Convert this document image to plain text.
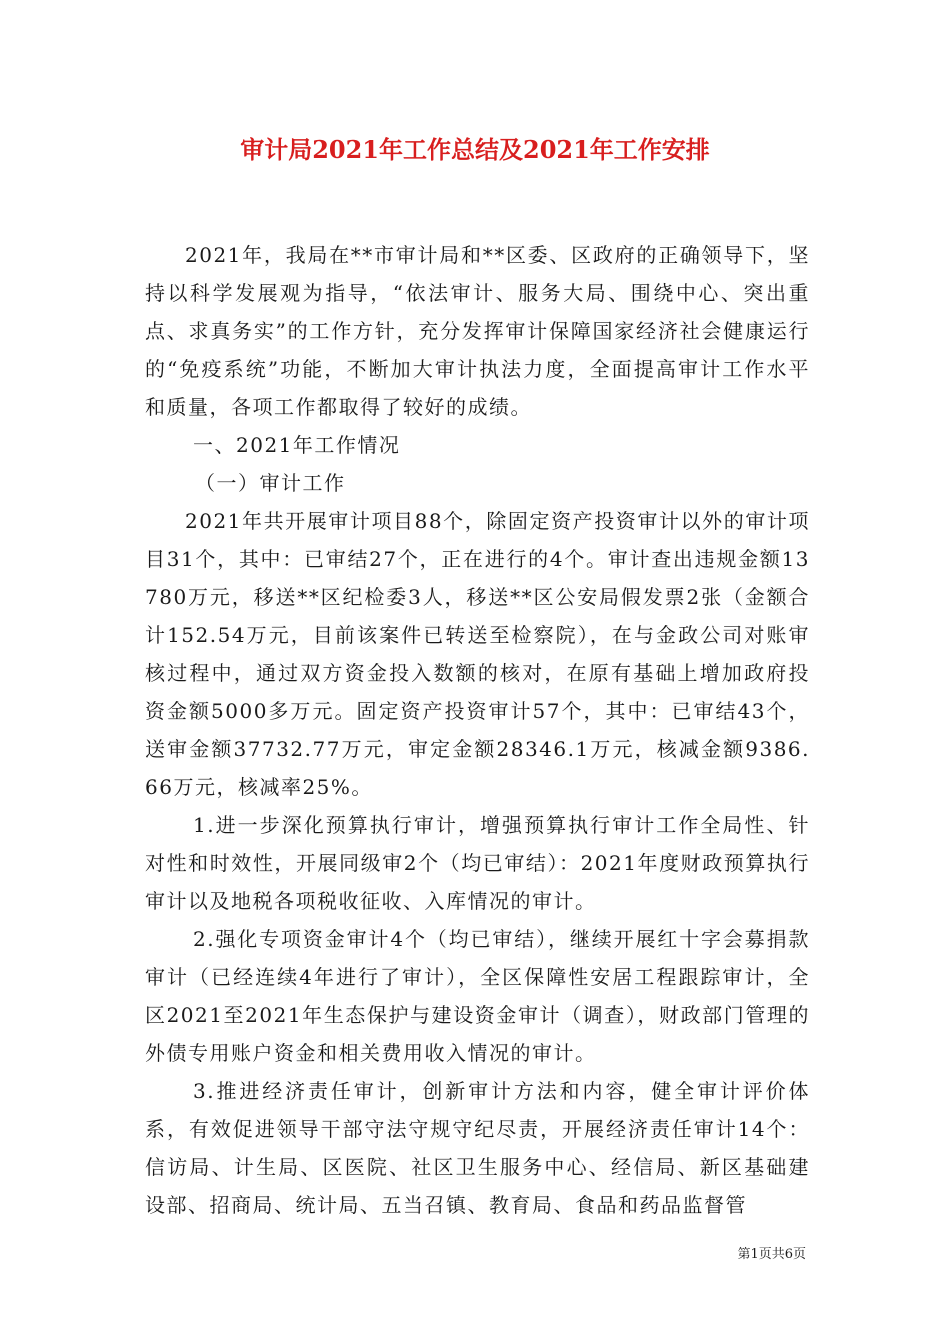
审计局2021年工作总结及2021年工作安排

2021年，我局在**市审计局和**区委、区政府的正确领导下，坚持以科学发展观为指导，“依法审计、服务大局、围绕中心、突出重点、求真务实”的工作方针，充分发挥审计保障国家经济社会健康运行的“免疫系统”功能，不断加大审计执法力度，全面提高审计工作水平和质量，各项工作都取得了较好的成绩。

一、2021年工作情况

（一）审计工作

2021年共开展审计项目88个，除固定资产投资审计以外的审计项目31个，其中：已审结27个，正在进行的4个。审计查出违规金额13780万元，移送**区纪检委3人，移送**区公安局假发票2张（金额合计152.54万元，目前该案件已转送至检察院），在与金政公司对账审核过程中，通过双方资金投入数额的核对，在原有基础上增加政府投资金额5000多万元。固定资产投资审计57个，其中：已审结43个，送审金额37732.77万元，审定金额28346.1万元，核减金额9386.66万元，核减率25%。

1.进一步深化预算执行审计，增强预算执行审计工作全局性、针对性和时效性，开展同级审2个（均已审结）：2021年度财政预算执行审计以及地税各项税收征收、入库情况的审计。

2.强化专项资金审计4个（均已审结），继续开展红十字会募捐款审计（已经连续4年进行了审计），全区保障性安居工程跟踪审计，全区2021至2021年生态保护与建设资金审计（调查），财政部门管理的外债专用账户资金和相关费用收入情况的审计。

3.推进经济责任审计，创新审计方法和内容，健全审计评价体系，有效促进领导干部守法守规守纪尽责，开展经济责任审计14个：信访局、计生局、区医院、社区卫生服务中心、经信局、新区基础建设部、招商局、统计局、五当召镇、教育局、食品和药品监督管

第1页共6页
